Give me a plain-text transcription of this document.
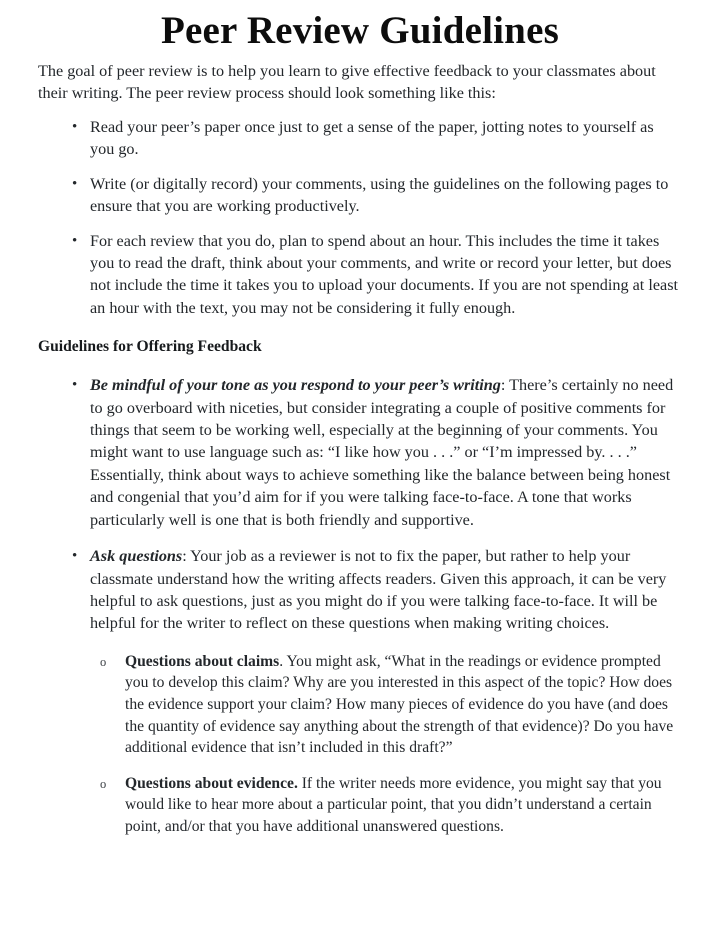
Peer Review Guidelines

The goal of peer review is to help you learn to give effective feedback to your classmates about their writing. The peer review process should look something like this:

• Read your peer’s paper once just to get a sense of the paper, jotting notes to yourself as you go.
• Write (or digitally record) your comments, using the guidelines on the following pages to ensure that you are working productively.
• For each review that you do, plan to spend about an hour. This includes the time it takes you to read the draft, think about your comments, and write or record your letter, but does not include the time it takes you to upload your documents. If you are not spending at least an hour with the text, you may not be considering it fully enough.
Guidelines for Offering Feedback
• Be mindful of your tone as you respond to your peer’s writing: There’s certainly no need to go overboard with niceties, but consider integrating a couple of positive comments for things that seem to be working well, especially at the beginning of your comments. You might want to use language such as: “I like how you . . .” or “I’m impressed by. . . .” Essentially, think about ways to achieve something like the balance between being honest and congenial that you’d aim for if you were talking face-to-face. A tone that works particularly well is one that is both friendly and supportive.
• Ask questions: Your job as a reviewer is not to fix the paper, but rather to help your classmate understand how the writing affects readers. Given this approach, it can be very helpful to ask questions, just as you might do if you were talking face-to-face. It will be helpful for the writer to reflect on these questions when making writing choices.
o	Questions about claims. You might ask, “What in the readings or evidence prompted you to develop this claim? Why are you interested in this aspect of the topic? How does the evidence support your claim? How many pieces of evidence do you have (and does the quantity of evidence say anything about the strength of that evidence)? Do you have additional evidence that isn’t included in this draft?”
o	Questions about evidence. If the writer needs more evidence, you might say that you would like to hear more about a particular point, that you didn’t understand a certain point, and/or that you have additional unanswered questions.
